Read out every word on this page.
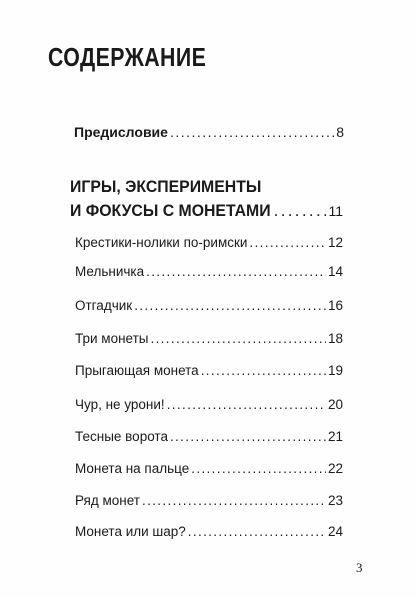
СОДЕРЖАНИЕ
Предисловие . . .	8
ИГРЫ, ЭКСПЕРИМЕНТЫ
И ФОКУСЫ С МОНЕТАМИ . . .	11
Крестики-нолики по-римски . . .	12
Мельничка . . .	14
Отгадчик . . .	16
Три монеты . . .	18
Прыгающая монета . . .	19
Чур, не урони! . . .	20
Тесные ворота . . .	21
Монета на пальце . . .	22
Ряд монет . . .	23
Монета или шар? . . .	24
3
